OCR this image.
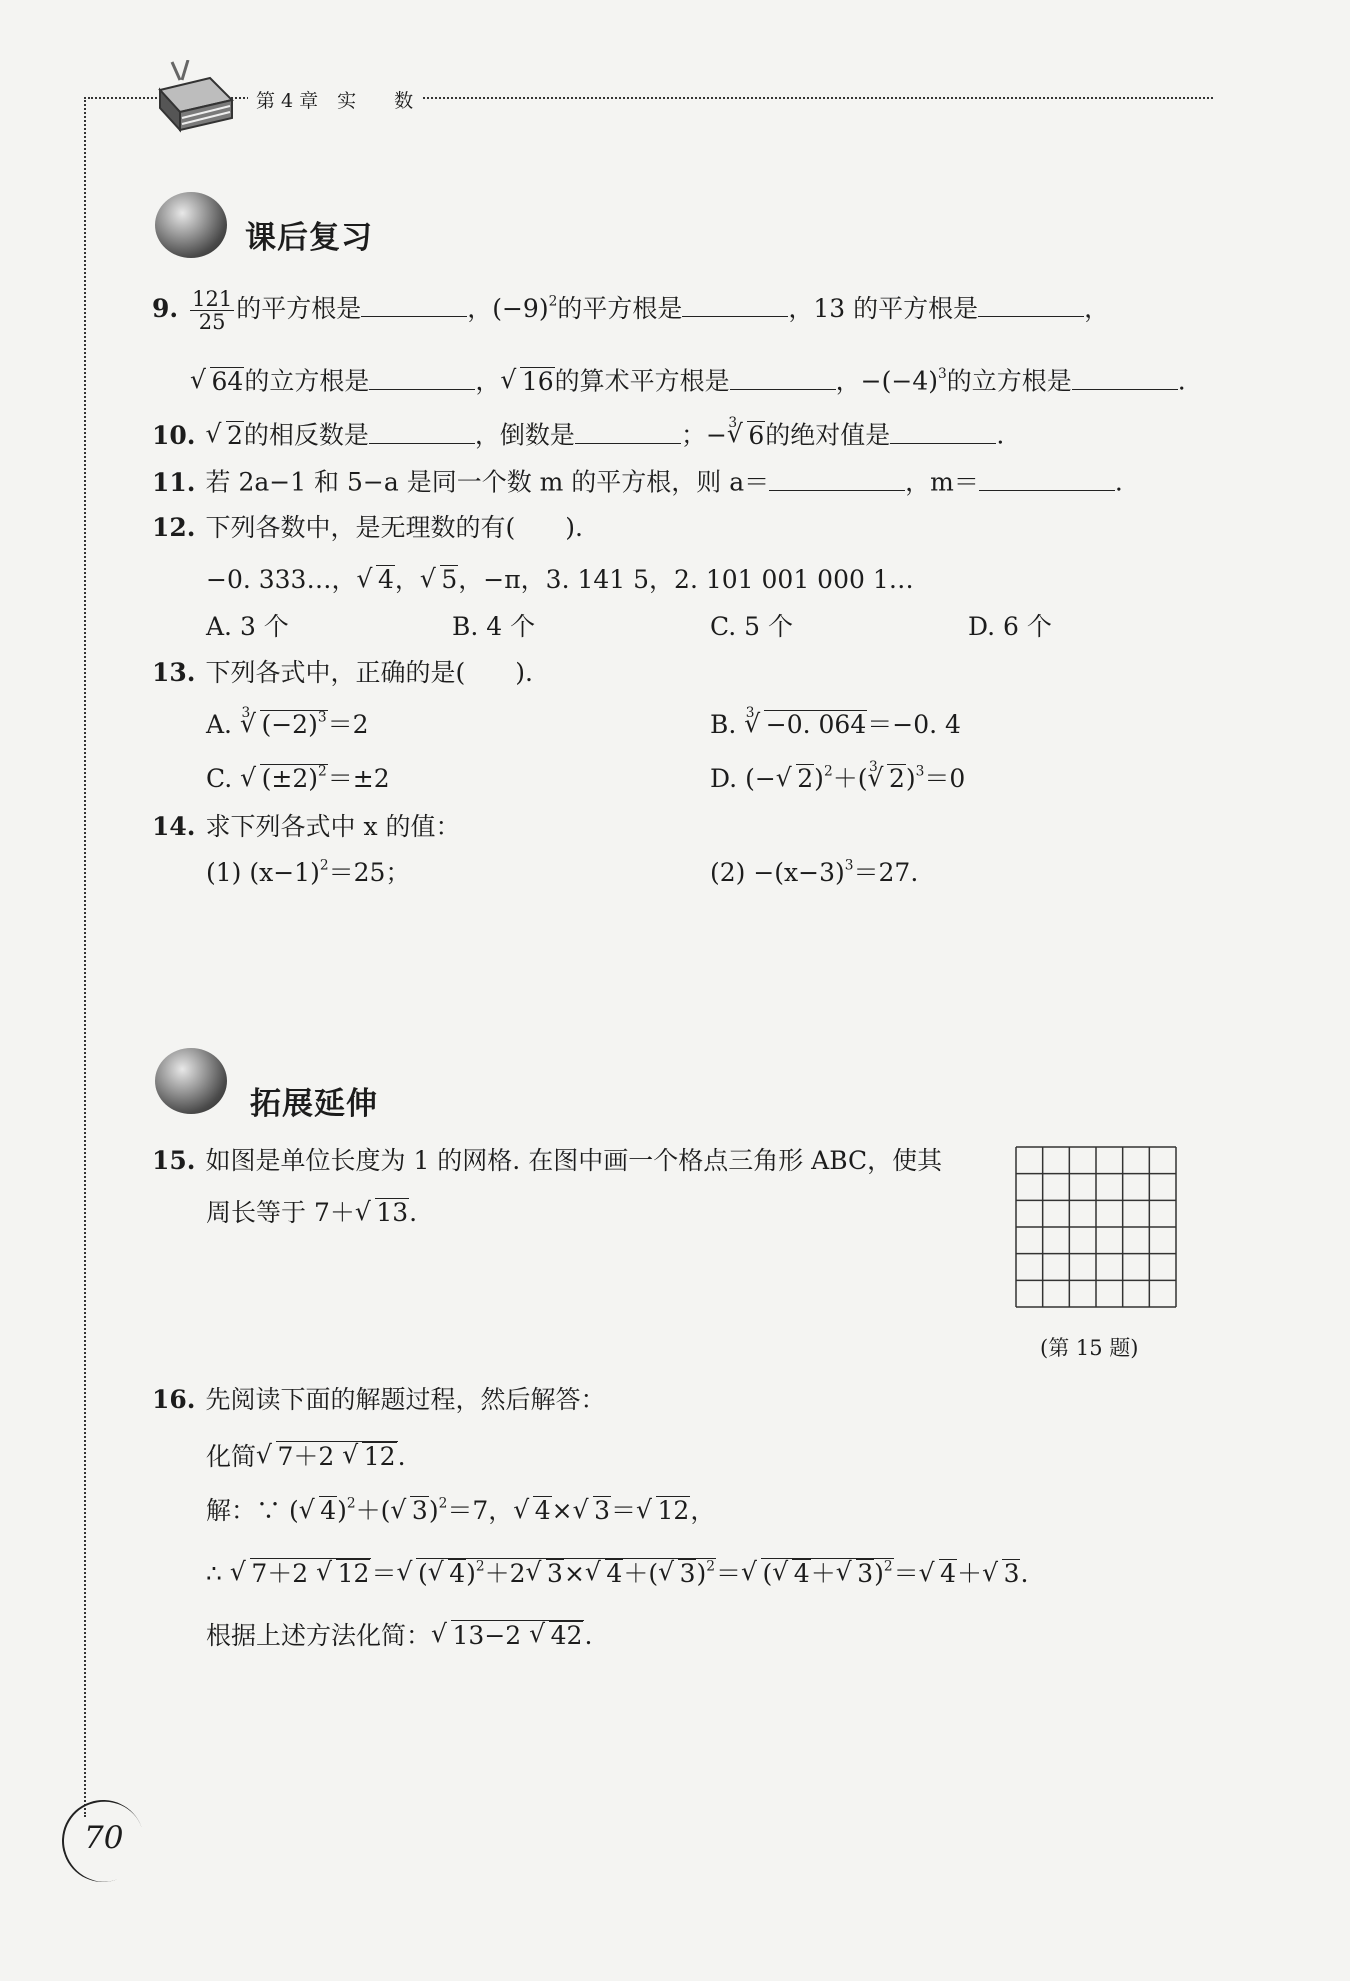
第 4 章　实　　数
课后复习
9. $\frac{121}{25}$ 的平方根是	，$(-9)^2$的平方根是	，13 的平方根是	，
√ 64的立方根是	， √ 16的算术平方根是	，$-(-4)^3$的立方根是	.
10. √ 2的相反数是	，倒数是	；− √ 3 6的绝对值是	.
11. 若 2a−1 和 5−a 是同一个数 m 的平方根，则 a＝	，m＝	.
12. 下列各数中，是无理数的有(　　).
−0. 333…， √ 4， √ 5，−π，3. 141 5，2. 101 001 000 1…
A. 3 个	B. 4 个	C. 5 个	D. 6 个
13. 下列各式中，正确的是(　　).
A. √ 3 $(-2)^3=2$	B. √ 3 −0. 064＝−0. 4
C. √ $(\pm 2)^2=\pm 2$	D. (− √ 2)$^2$＋( √ 3 2)$^3$＝0
14. 求下列各式中 x 的值：
(1) $(x-1)^2=25$；	$(2) -(x-3)^3=27$.
拓展延伸
15. 如图是单位长度为 1 的网格. 在图中画一个格点三角形 ABC，使其
周长等于 7＋ √ 13.
(第 15 题)
16. 先阅读下面的解题过程，然后解答：
化简 √ 7＋2 √ 12.
解：∵ ( √ 4)$^2$＋( √ 3)$^2$＝7， √ 4× √ 3＝ √ 12，
∴ √ 7＋2 √ 12＝ √ ( √ 4)$^2$＋2 √ 3× √ 4＋( √ 3)$^2$＝ √ ( √ 4＋ √ 3)$^2$＝ √ 4＋ √ 3.
根据上述方法化简： √ 13−2 √ 42.
70
